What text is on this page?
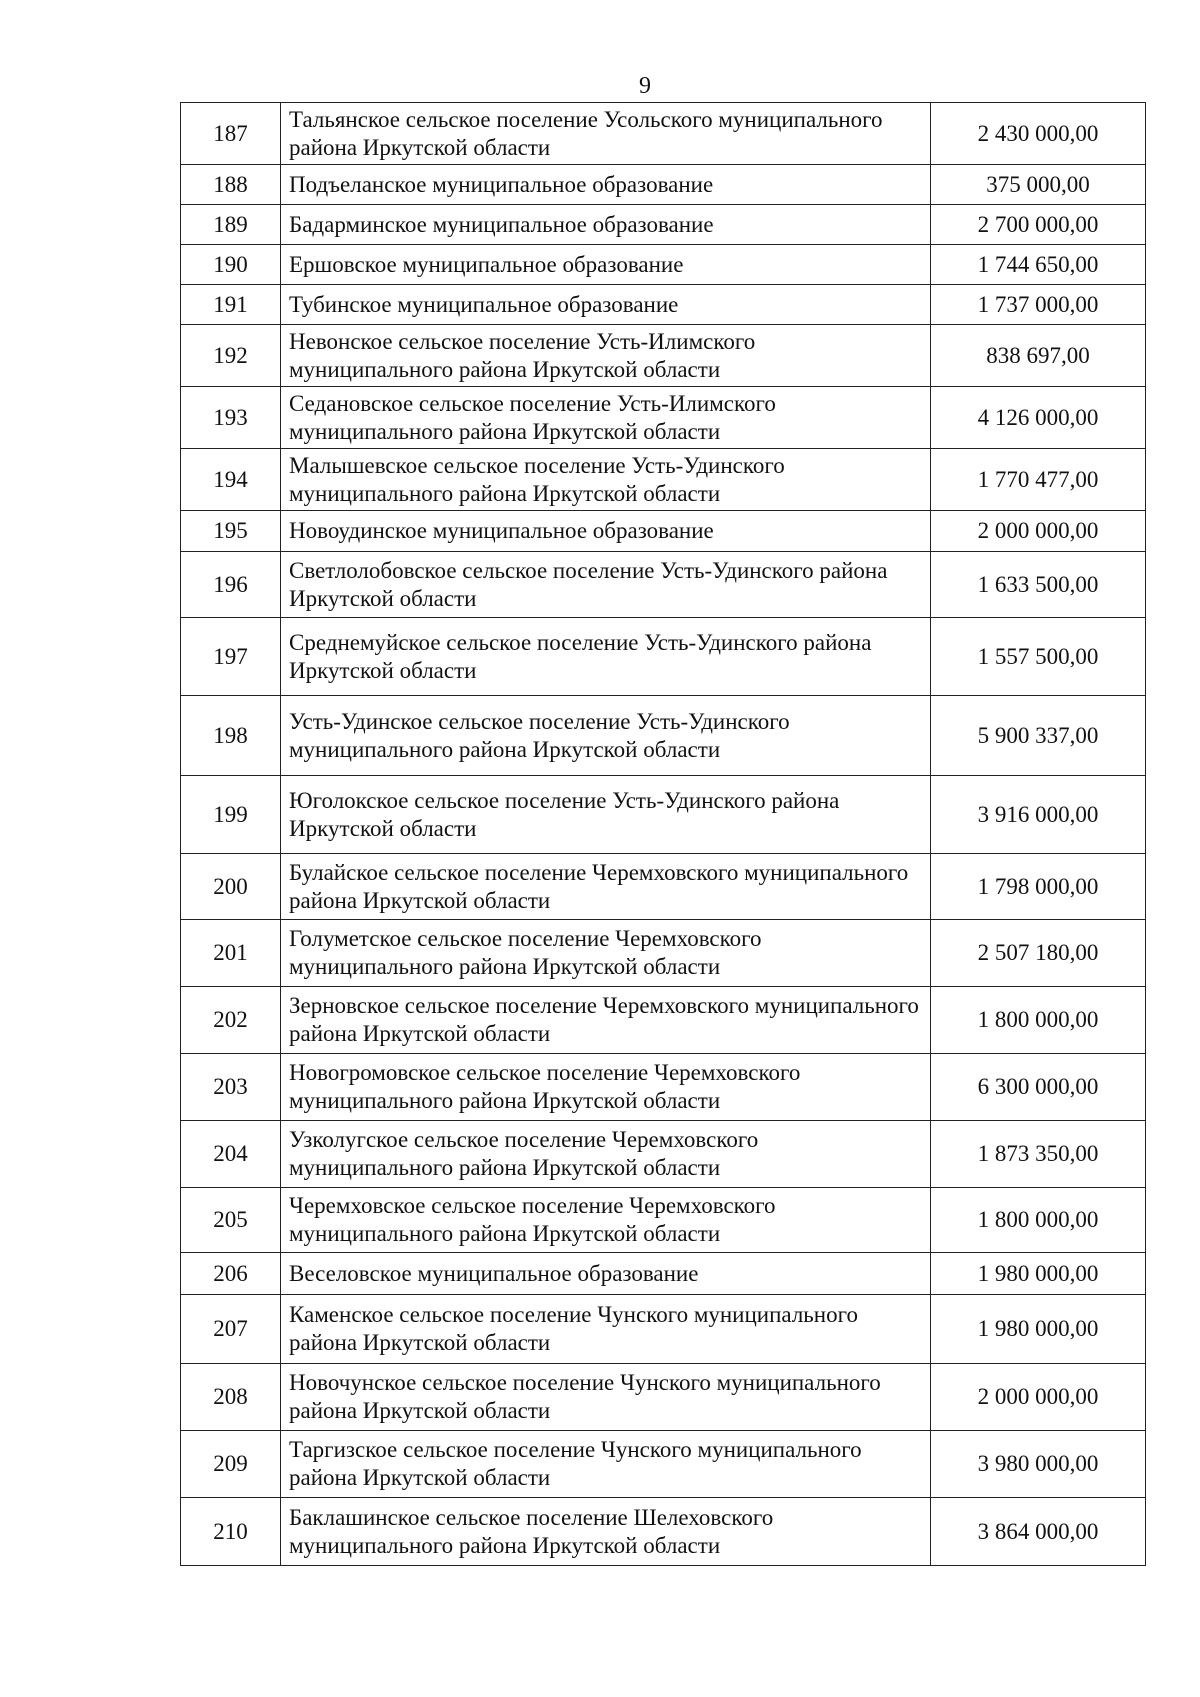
9
187	Тальянское сельское поселение Усольского муниципального района Иркутской области	2 430 000,00
188	Подъеланское муниципальное образование	375 000,00
189	Бадарминское муниципальное образование	2 700 000,00
190	Ершовское муниципальное образование	1 744 650,00
191	Тубинское муниципальное образование	1 737 000,00
192	Невонское сельское поселение Усть-Илимского муниципального района Иркутской области	838 697,00
193	Седановское сельское поселение Усть-Илимского муниципального района Иркутской области	4 126 000,00
194	Малышевское сельское поселение Усть-Удинского муниципального района Иркутской области	1 770 477,00
195	Новоудинское муниципальное образование	2 000 000,00
196	Светлолобовское сельское поселение Усть-Удинского района Иркутской области	1 633 500,00
197	Среднемуйское сельское поселение Усть-Удинского района Иркутской области	1 557 500,00
198	Усть-Удинское сельское поселение Усть-Удинского муниципального района Иркутской области	5 900 337,00
199	Юголокское сельское поселение Усть-Удинского района Иркутской области	3 916 000,00
200	Булайское сельское поселение Черемховского муниципального района Иркутской области	1 798 000,00
201	Голуметское сельское поселение Черемховского муниципального района Иркутской области	2 507 180,00
202	Зерновское сельское поселение Черемховского муниципального района Иркутской области	1 800 000,00
203	Новогромовское сельское поселение Черемховского муниципального района Иркутской области	6 300 000,00
204	Узколугское сельское поселение Черемховского муниципального района Иркутской области	1 873 350,00
205	Черемховское сельское поселение Черемховского муниципального района Иркутской области	1 800 000,00
206	Веселовское муниципальное образование	1 980 000,00
207	Каменское сельское поселение Чунского муниципального района Иркутской области	1 980 000,00
208	Новочунское сельское поселение Чунского муниципального района Иркутской области	2 000 000,00
209	Таргизское сельское поселение Чунского муниципального района Иркутской области	3 980 000,00
210	Баклашинское сельское поселение Шелеховского муниципального района Иркутской области	3 864 000,00
